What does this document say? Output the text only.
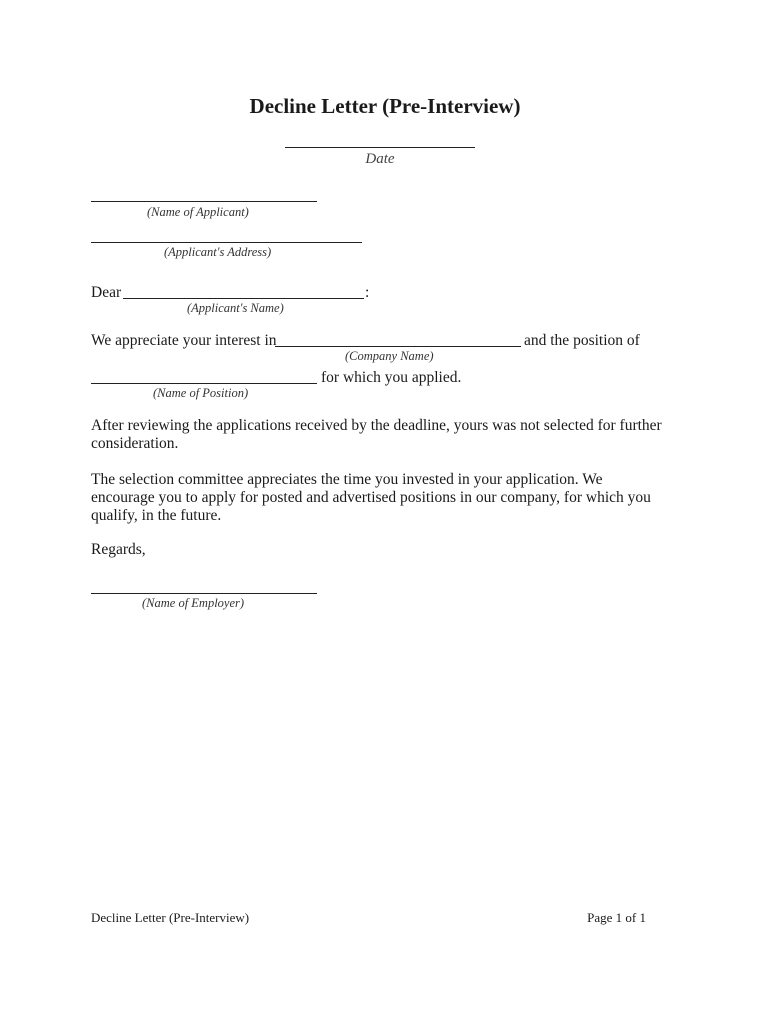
Decline Letter (Pre-Interview)
Date
(Name of Applicant)
(Applicant's Address)
Dear	:
(Applicant's Name)
We appreciate your interest in	and the position of
(Company Name)
for which you applied.
(Name of Position)
After reviewing the applications received by the deadline, yours was not selected for further consideration.
The selection committee appreciates the time you invested in your application. We encourage you to apply for posted and advertised positions in our company, for which you qualify, in the future.
Regards,
(Name of Employer)
Decline Letter (Pre-Interview)	Page 1 of 1
